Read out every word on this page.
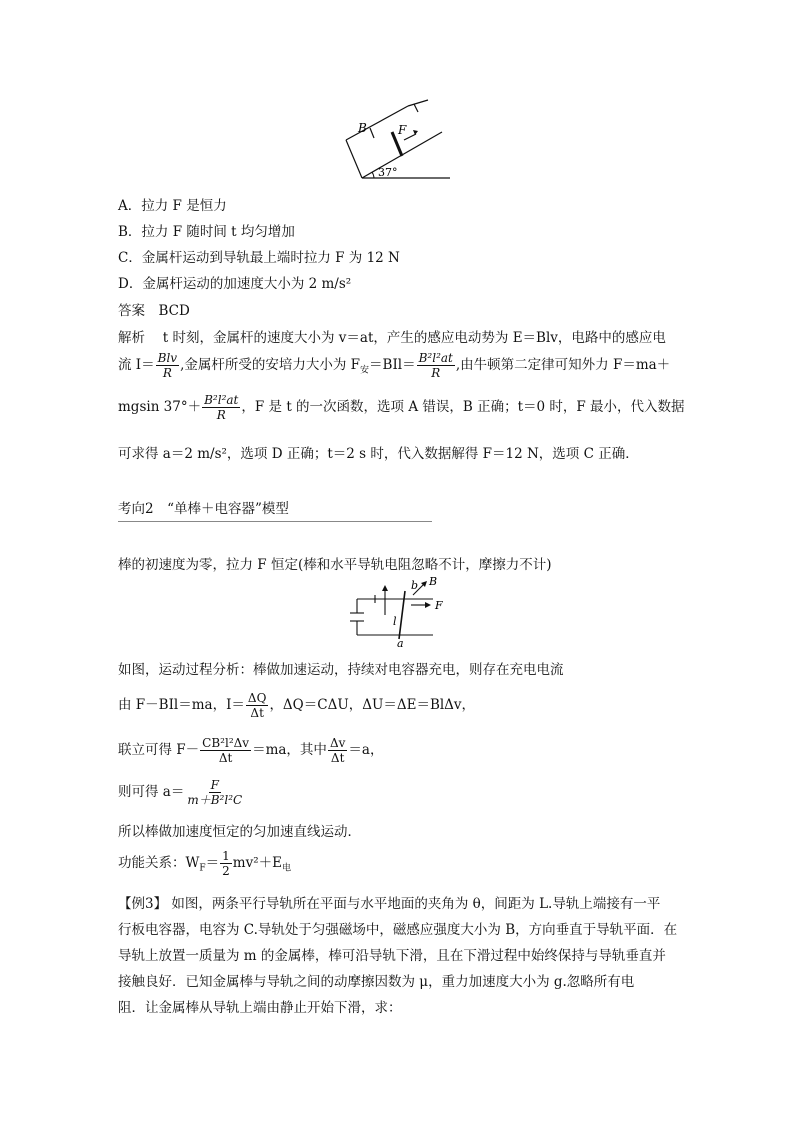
B	F
37°
A．拉力 F 是恒力
B．拉力 F 随时间 t 均匀增加
C．金属杆运动到导轨最上端时拉力 F 为 12 N
D．金属杆运动的加速度大小为 2 m/s²
答案　BCD
解析　 t 时刻，金属杆的速度大小为 v＝at，产生的感应电动势为 E＝Blv，电路中的感应电
流 $I= \frac{\text{Blv}}{R}$ ,金属杆所受的安培力大小为 $F_安=BIl= \frac{\text{B²l²at}}{R}$ ,由牛顿第二定律可知外力 F＝ma＋
mgsin $37^\circ+ \frac{\text{B²l²at}}{R}$ ，F 是 t 的一次函数，选项 A 错误，B 正确；t＝0 时，F 最小，代入数据
可求得 a＝2 m/s²，选项 D 正确；t＝2 s 时，代入数据解得 F＝12 N，选项 C 正确．
考向2　“单棒＋电容器”模型
棒的初速度为零，拉力 F 恒定(棒和水平导轨电阻忽略不计，摩擦力不计)
b B
F
l
a
如图，运动过程分析：棒做加速运动，持续对电容器充电，则存在充电电流
由 F－BIl＝ma，$I= \frac{\Delta Q}{\Delta t}$ ，ΔQ＝CΔU，ΔU＝ΔE＝BlΔv，
联立可得 $F- \frac{\text{CB²l²Δv}}{\Delta t} =ma$，其中 $\frac{\Delta v}{\Delta t} =a$，
则可得 $a= \frac{F}{\text{m＋B²l²C}}$
所以棒做加速度恒定的匀加速直线运动．
功能关系：$W_F= \frac{1}{2} mv^2+E_电$
【例3】 如图，两条平行导轨所在平面与水平地面的夹角为 θ，间距为 L.导轨上端接有一平
行板电容器，电容为 C.导轨处于匀强磁场中，磁感应强度大小为 B，方向垂直于导轨平面．在
导轨上放置一质量为 m 的金属棒，棒可沿导轨下滑，且在下滑过程中始终保持与导轨垂直并
接触良好．已知金属棒与导轨之间的动摩擦因数为 μ，重力加速度大小为 g.忽略所有电
阻．让金属棒从导轨上端由静止开始下滑，求：
